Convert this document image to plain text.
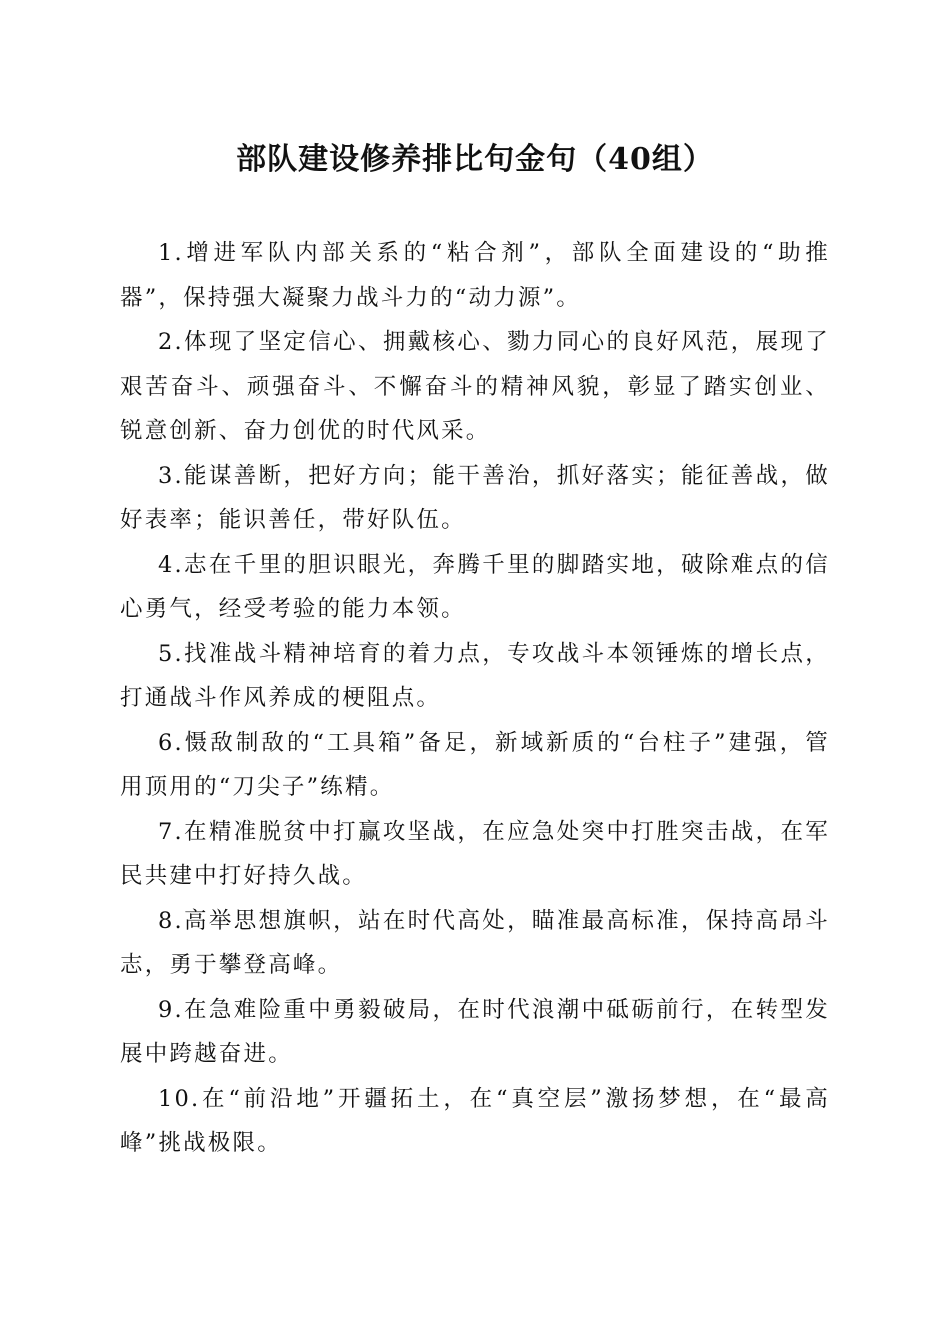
部队建设修养排比句金句（40组）

1.增进军队内部关系的“粘合剂”，部队全面建设的“助推器”，保持强大凝聚力战斗力的“动力源”。

2.体现了坚定信心、拥戴核心、勠力同心的良好风范，展现了艰苦奋斗、顽强奋斗、不懈奋斗的精神风貌，彰显了踏实创业、锐意创新、奋力创优的时代风采。

3.能谋善断，把好方向；能干善治，抓好落实；能征善战，做好表率；能识善任，带好队伍。

4.志在千里的胆识眼光，奔腾千里的脚踏实地，破除难点的信心勇气，经受考验的能力本领。

5.找准战斗精神培育的着力点，专攻战斗本领锤炼的增长点，打通战斗作风养成的梗阻点。

6.慑敌制敌的“工具箱”备足，新域新质的“台柱子”建强，管用顶用的“刀尖子”练精。

7.在精准脱贫中打赢攻坚战，在应急处突中打胜突击战，在军民共建中打好持久战。

8.高举思想旗帜，站在时代高处，瞄准最高标准，保持高昂斗志，勇于攀登高峰。

9.在急难险重中勇毅破局，在时代浪潮中砥砺前行，在转型发展中跨越奋进。

10.在“前沿地”开疆拓土，在“真空层”激扬梦想，在“最高峰”挑战极限。
